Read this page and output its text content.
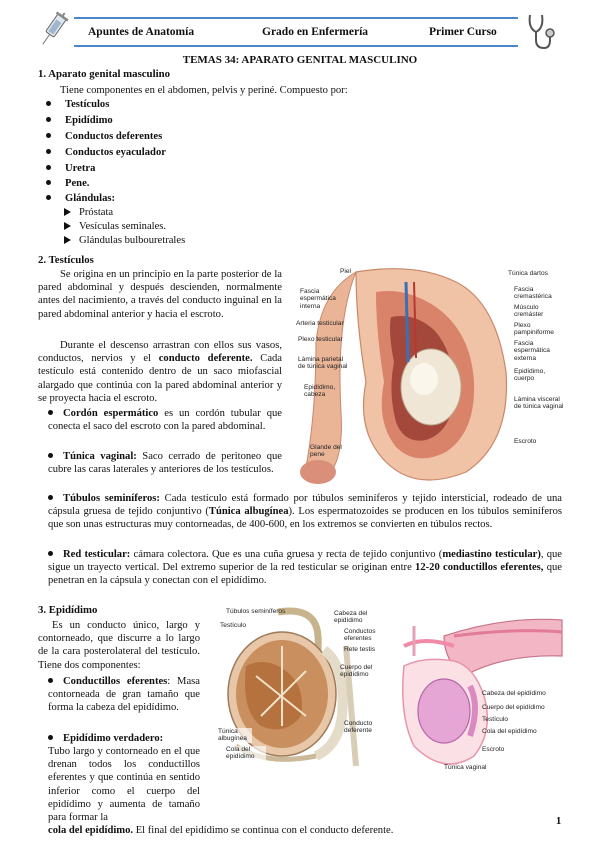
Apuntes de Anatomía	Grado en Enfermería	Primer Curso
TEMAS 34: APARATO GENITAL MASCULINO
1. Aparato genital masculino
Tiene componentes en el abdomen, pelvis y periné. Compuesto por:
Testículos
Epidídimo
Conductos deferentes
Conductos eyaculador
Uretra
Pene.
Glándulas:
Próstata
Vesículas seminales.
Glándulas bulbouretrales
2. Testículos
Se origina en un principio en la parte posterior de la pared abdominal y después descienden, normalmente antes del nacimiento, a través del conducto inguinal en la pared abdominal anterior y hacia el escroto.
Durante el descenso arrastran con ellos sus vasos, conductos, nervios y el conducto deferente. Cada testículo está contenido dentro de un saco miofascial alargado que continúa con la pared abdominal anterior y se proyecta hacia el escroto.
Cordón espermático es un cordón tubular que conecta el saco del escroto con la pared abdominal.
Túnica vaginal: Saco cerrado de peritoneo que cubre las caras laterales y anteriores de los testículos.
Túbulos seminíferos: Cada testículo está formado por túbulos seminíferos y tejido intersticial, rodeado de una cápsula gruesa de tejido conjuntivo (Túnica albugínea). Los espermatozoides se producen en los túbulos seminíferos que son unas estructuras muy contorneadas, de 400-600, en los extremos se convierten en túbulos rectos.
Red testicular: cámara colectora. Que es una cuña gruesa y recta de tejido conjuntivo (mediastino testicular), que sigue un trayecto vertical. Del extremo superior de la red testicular se originan entre 12-20 conductillos eferentes, que penetran en la cápsula y conectan con el epidídimo.
Piel
Fascia espermática interna
Arteria testicular
Plexo testicular
Lámina parietal de túnica vaginal
Epidídimo, cabeza
Glande del pene
Túnica dartos
Fascia cremastérica
Músculo cremáster
Plexo pampiniforme
Fascia espermática externa
Epidídimo, cuerpo
Lámina visceral de túnica vaginal
Escroto
3. Epidídimo
Es un conducto único, largo y contorneado, que discurre a lo largo de la cara posterolateral del testículo. Tiene dos componentes:
Conductillos eferentes: Masa contorneada de gran tamaño que forma la cabeza del epidídimo.
Epidídimo verdadero:
Tubo largo y contorneado en el que drenan todos los conductillos eferentes y que continúa en sentido inferior como el cuerpo del epidídimo y aumenta de tamaño para formar la
cola del epidídimo. El final del epidídimo se continua con el conducto deferente.
Túbulos seminíferos
Testículo
Túnica albugínea
Cola del epidídimo
Cabeza del epidídimo
Conductos eferentes
Rete testis
Cuerpo del epidídimo
Conducto deferente
Cabeza del epidídimo
Cuerpo del epidídimo
Testículo
Cola del epidídimo
Escroto
Túnica vaginal
1
